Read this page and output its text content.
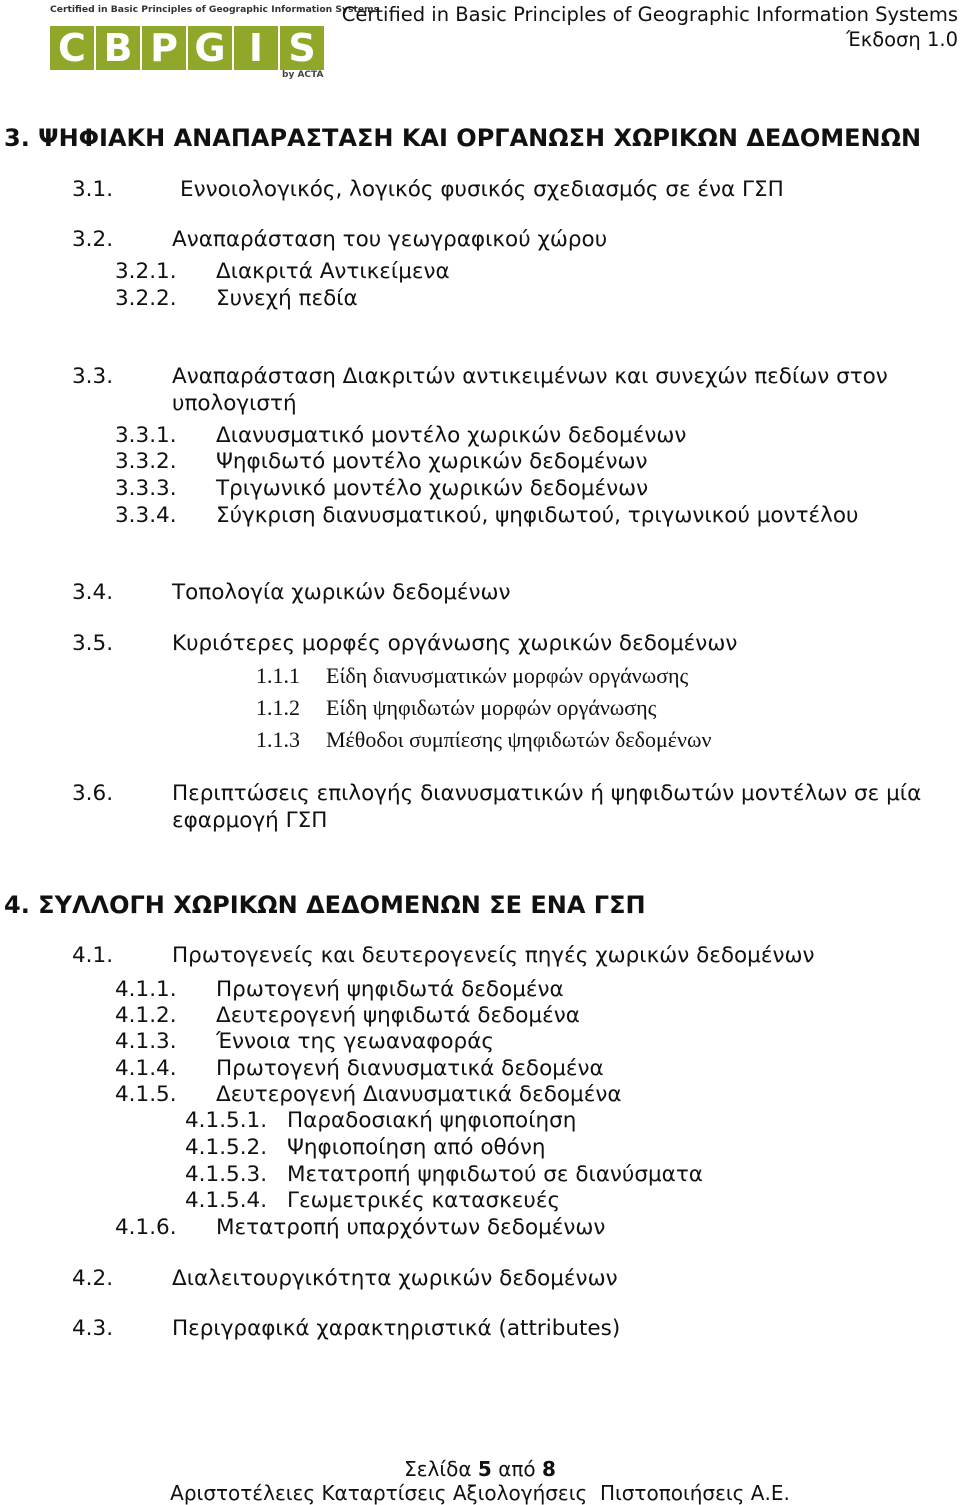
Certified in Basic Principles of Geographic Information Systems
C B P G I S
by ACTA
Certified in Basic Principles of Geographic Information Systems
Έκδοση 1.0
3. ΨΗΦΙΑΚΗ ΑΝΑΠΑΡΑΣΤΑΣΗ ΚΑΙ ΟΡΓΑΝΩΣΗ ΧΩΡΙΚΩΝ ΔΕΔΟΜΕΝΩΝ
3.1.	Εννοιολογικός, λογικός φυσικός σχεδιασμός σε ένα ΓΣΠ
3.2.	Αναπαράσταση του γεωγραφικού χώρου
3.2.1. Διακριτά Αντικείμενα
3.2.2. Συνεχή πεδία
3.3.	Αναπαράσταση Διακριτών αντικειμένων και συνεχών πεδίων στον
υπολογιστή
3.3.1. Διανυσματικό μοντέλο χωρικών δεδομένων
3.3.2. Ψηφιδωτό μοντέλο χωρικών δεδομένων
3.3.3. Τριγωνικό μοντέλο χωρικών δεδομένων
3.3.4. Σύγκριση διανυσματικού, ψηφιδωτού, τριγωνικού μοντέλου
3.4.	Τοπολογία χωρικών δεδομένων
3.5.	Κυριότερες μορφές οργάνωσης χωρικών δεδομένων
1.1.1 Είδη διανυσματικών μορφών οργάνωσης
1.1.2 Είδη ψηφιδωτών μορφών οργάνωσης
1.1.3 Μέθοδοι συμπίεσης ψηφιδωτών δεδομένων
3.6.	Περιπτώσεις επιλογής διανυσματικών ή ψηφιδωτών μοντέλων σε μία
εφαρμογή ΓΣΠ
4. ΣΥΛΛΟΓΗ ΧΩΡΙΚΩΝ ΔΕΔΟΜΕΝΩΝ ΣΕ ΕΝΑ ΓΣΠ
4.1.	Πρωτογενείς και δευτερογενείς πηγές χωρικών δεδομένων
4.1.1. Πρωτογενή ψηφιδωτά δεδομένα
4.1.2. Δευτερογενή ψηφιδωτά δεδομένα
4.1.3. Έννοια της γεωαναφοράς
4.1.4. Πρωτογενή διανυσματικά δεδομένα
4.1.5. Δευτερογενή Διανυσματικά δεδομένα
4.1.5.1. Παραδοσιακή ψηφιοποίηση
4.1.5.2. Ψηφιοποίηση από οθόνη
4.1.5.3. Μετατροπή ψηφιδωτού σε διανύσματα
4.1.5.4. Γεωμετρικές κατασκευές
4.1.6. Μετατροπή υπαρχόντων δεδομένων
4.2.	Διαλειτουργικότητα χωρικών δεδομένων
4.3.	Περιγραφικά χαρακτηριστικά (attributes)
Σελίδα 5 από 8
Αριστοτέλειες Καταρτίσεις Αξιολογήσεις  Πιστοποιήσεις Α.Ε.
